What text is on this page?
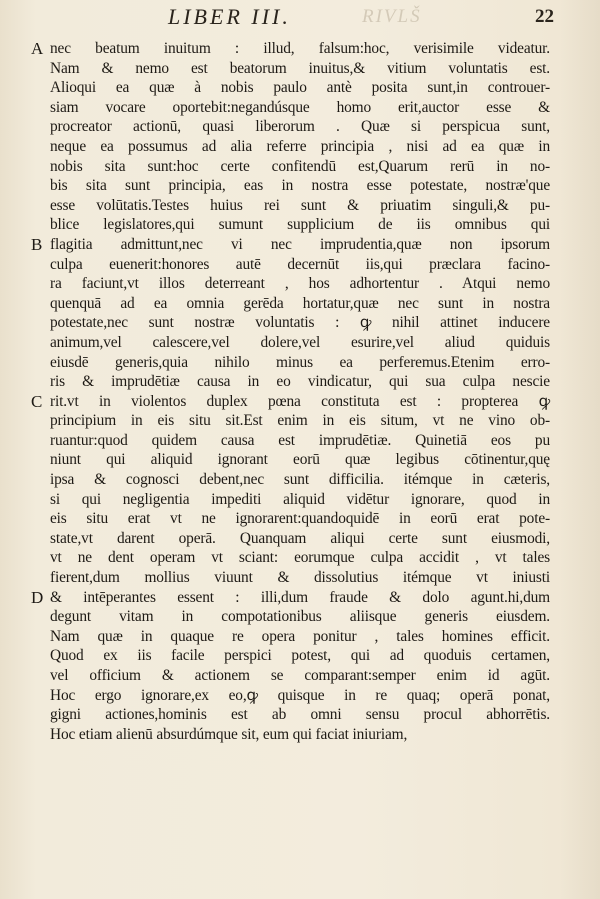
LIBER III.	RIVLŠ	22
A
B
C
D
nec beatum inuitum : illud, falsum:hoc, verisimile videatur.
Nam & nemo est beatorum inuitus,& vitium voluntatis est.
Alioqui ea quæ à nobis paulo antè posita sunt,in controuer-
siam vocare oportebit:negandúsque homo erit,auctor esse &
procreator actionū, quasi liberorum . Quæ si perspicua sunt,
neque ea possumus ad alia referre principia , nisi ad ea quæ in
nobis sita sunt:hoc certe confitendū est,Quarum rerū in no-
bis sita sunt principia, eas in nostra esse potestate, nostræ'que
esse volūtatis.Testes huius rei sunt & priuatim singuli,& pu-
blice legislatores,qui sumunt supplicium de iis omnibus qui
flagitia admittunt,nec vi nec imprudentia,quæ non ipsorum
culpa euenerit:honores autē decernūt iis,qui præclara facino-
ra faciunt,vt illos deterreant , hos adhortentur . Atqui nemo
quenquā ad ea omnia gerēda hortatur,quæ nec sunt in nostra
potestate,nec sunt nostræ voluntatis : ꝙ nihil attinet inducere
animum,vel calescere,vel dolere,vel esurire,vel aliud quiduis
eiusdē generis,quia nihilo minus ea perferemus.Etenim erro-
ris & imprudētiæ causa in eo vindicatur, qui sua culpa nescie
rit.vt in violentos duplex pœna constituta est : propterea ꝙ
principium in eis situ sit.Est enim in eis situm, vt ne vino ob-
ruantur:quod quidem causa est imprudētiæ. Quinetiā eos pu
niunt qui aliquid ignorant eorū quæ legibus cōtinentur,quę
ipsa & cognosci debent,nec sunt difficilia. itémque in cæteris,
si qui negligentia impediti aliquid vidētur ignorare, quod in
eis situ erat vt ne ignorarent:quandoquidē in eorū erat pote-
state,vt darent operā. Quanquam aliqui certe sunt eiusmodi,
vt ne dent operam vt sciant: eorumque culpa accidit , vt tales
fierent,dum mollius viuunt & dissolutius itémque vt iniusti
& intēperantes essent : illi,dum fraude & dolo agunt.hi,dum
degunt vitam in compotationibus aliisque generis eiusdem.
Nam quæ in quaque re opera ponitur , tales homines efficit.
Quod ex iis facile perspici potest, qui ad quoduis certamen,
vel officium & actionem se comparant:semper enim id agūt.
Hoc ergo ignorare,ex eo,ꝙ quisque in re quaq; operā ponat,
gigni actiones,hominis est ab omni sensu procul abhorrētis.
Hoc etiam alienū absurdúmque sit, eum qui faciat iniuriam,
